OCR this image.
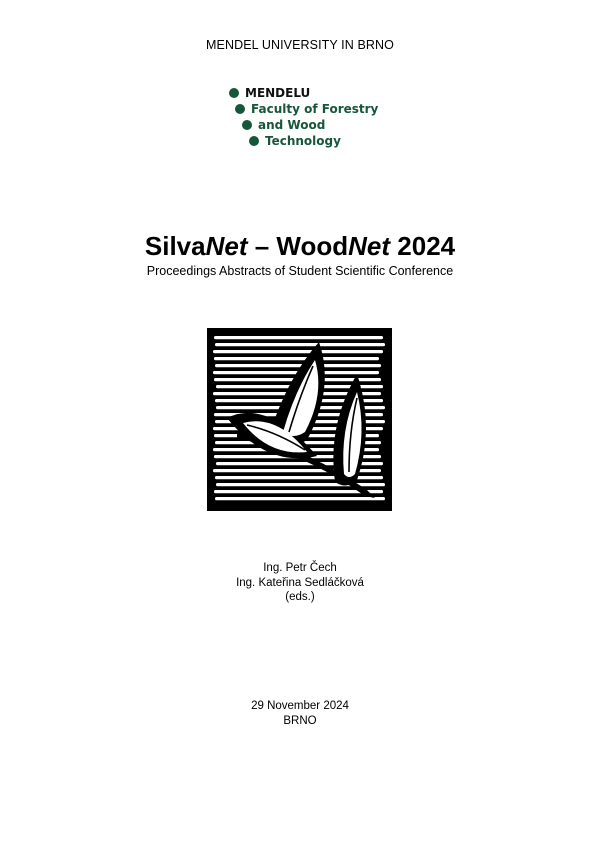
MENDEL UNIVERSITY IN BRNO
MENDELU
Faculty of Forestry
and Wood
Technology
SilvaNet – WoodNet 2024
Proceedings Abstracts of Student Scientific Conference
Ing. Petr Čech
Ing. Kateřina Sedláčková
(eds.)
29 November 2024
BRNO
